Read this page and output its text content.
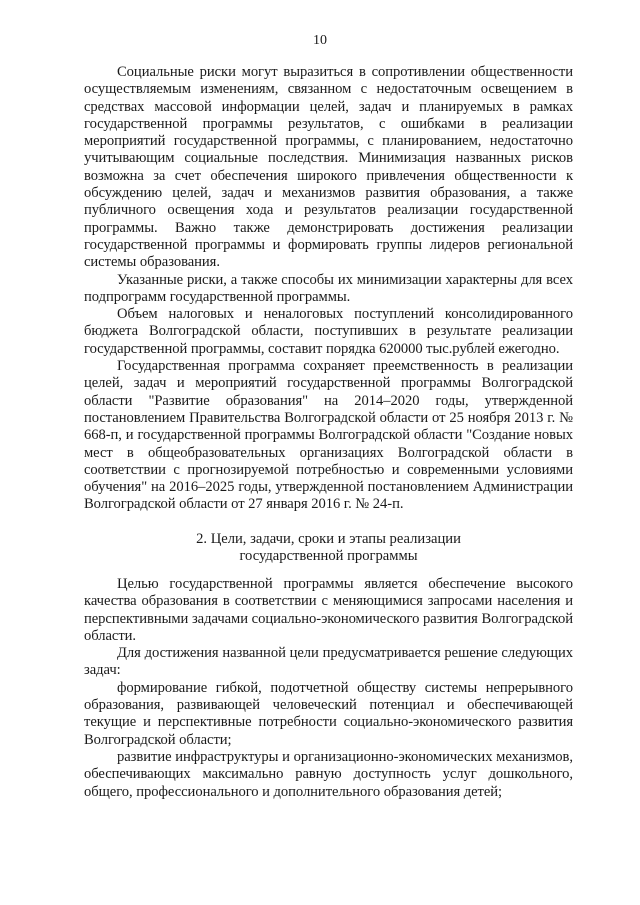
10

Социальные риски могут выразиться в сопротивлении общественности осуществляемым изменениям, связанном с недостаточным освещением в средствах массовой информации целей, задач и планируемых в рамках государственной программы результатов, с ошибками в реализации мероприятий государственной программы, с планированием, недостаточно учитывающим социальные последствия. Минимизация названных рисков возможна за счет обеспечения широкого привлечения общественности к обсуждению целей, задач и механизмов развития образования, а также публичного освещения хода и результатов реализации государственной программы. Важно также демонстрировать достижения реализации государственной программы и формировать группы лидеров региональной системы образования.

Указанные риски, а также способы их минимизации характерны для всех подпрограмм государственной программы.

Объем налоговых и неналоговых поступлений консолидированного бюджета Волгоградской области, поступивших в результате реализации государственной программы, составит порядка 620000 тыс.рублей ежегодно.

Государственная программа сохраняет преемственность в реализации целей, задач и мероприятий государственной программы Волгоградской области "Развитие образования" на 2014–2020 годы, утвержденной постановлением Правительства Волгоградской области от 25 ноября 2013 г. № 668-п, и государственной программы Волгоградской области "Создание новых мест в общеобразовательных организациях Волгоградской области в соответствии с прогнозируемой потребностью и современными условиями обучения" на 2016–2025 годы, утвержденной постановлением Администрации Волгоградской области от 27 января 2016 г. № 24-п.

2. Цели, задачи, сроки и этапы реализации
государственной программы

Целью государственной программы является обеспечение высокого качества образования в соответствии с меняющимися запросами населения и перспективными задачами социально-экономического развития Волгоградской области.

Для достижения названной цели предусматривается решение следующих задач:

формирование гибкой, подотчетной обществу системы непрерывного образования, развивающей человеческий потенциал и обеспечивающей текущие и перспективные потребности социально-экономического развития Волгоградской области;

развитие инфраструктуры и организационно-экономических механизмов, обеспечивающих максимально равную доступность услуг дошкольного, общего, профессионального и дополнительного образования детей;
